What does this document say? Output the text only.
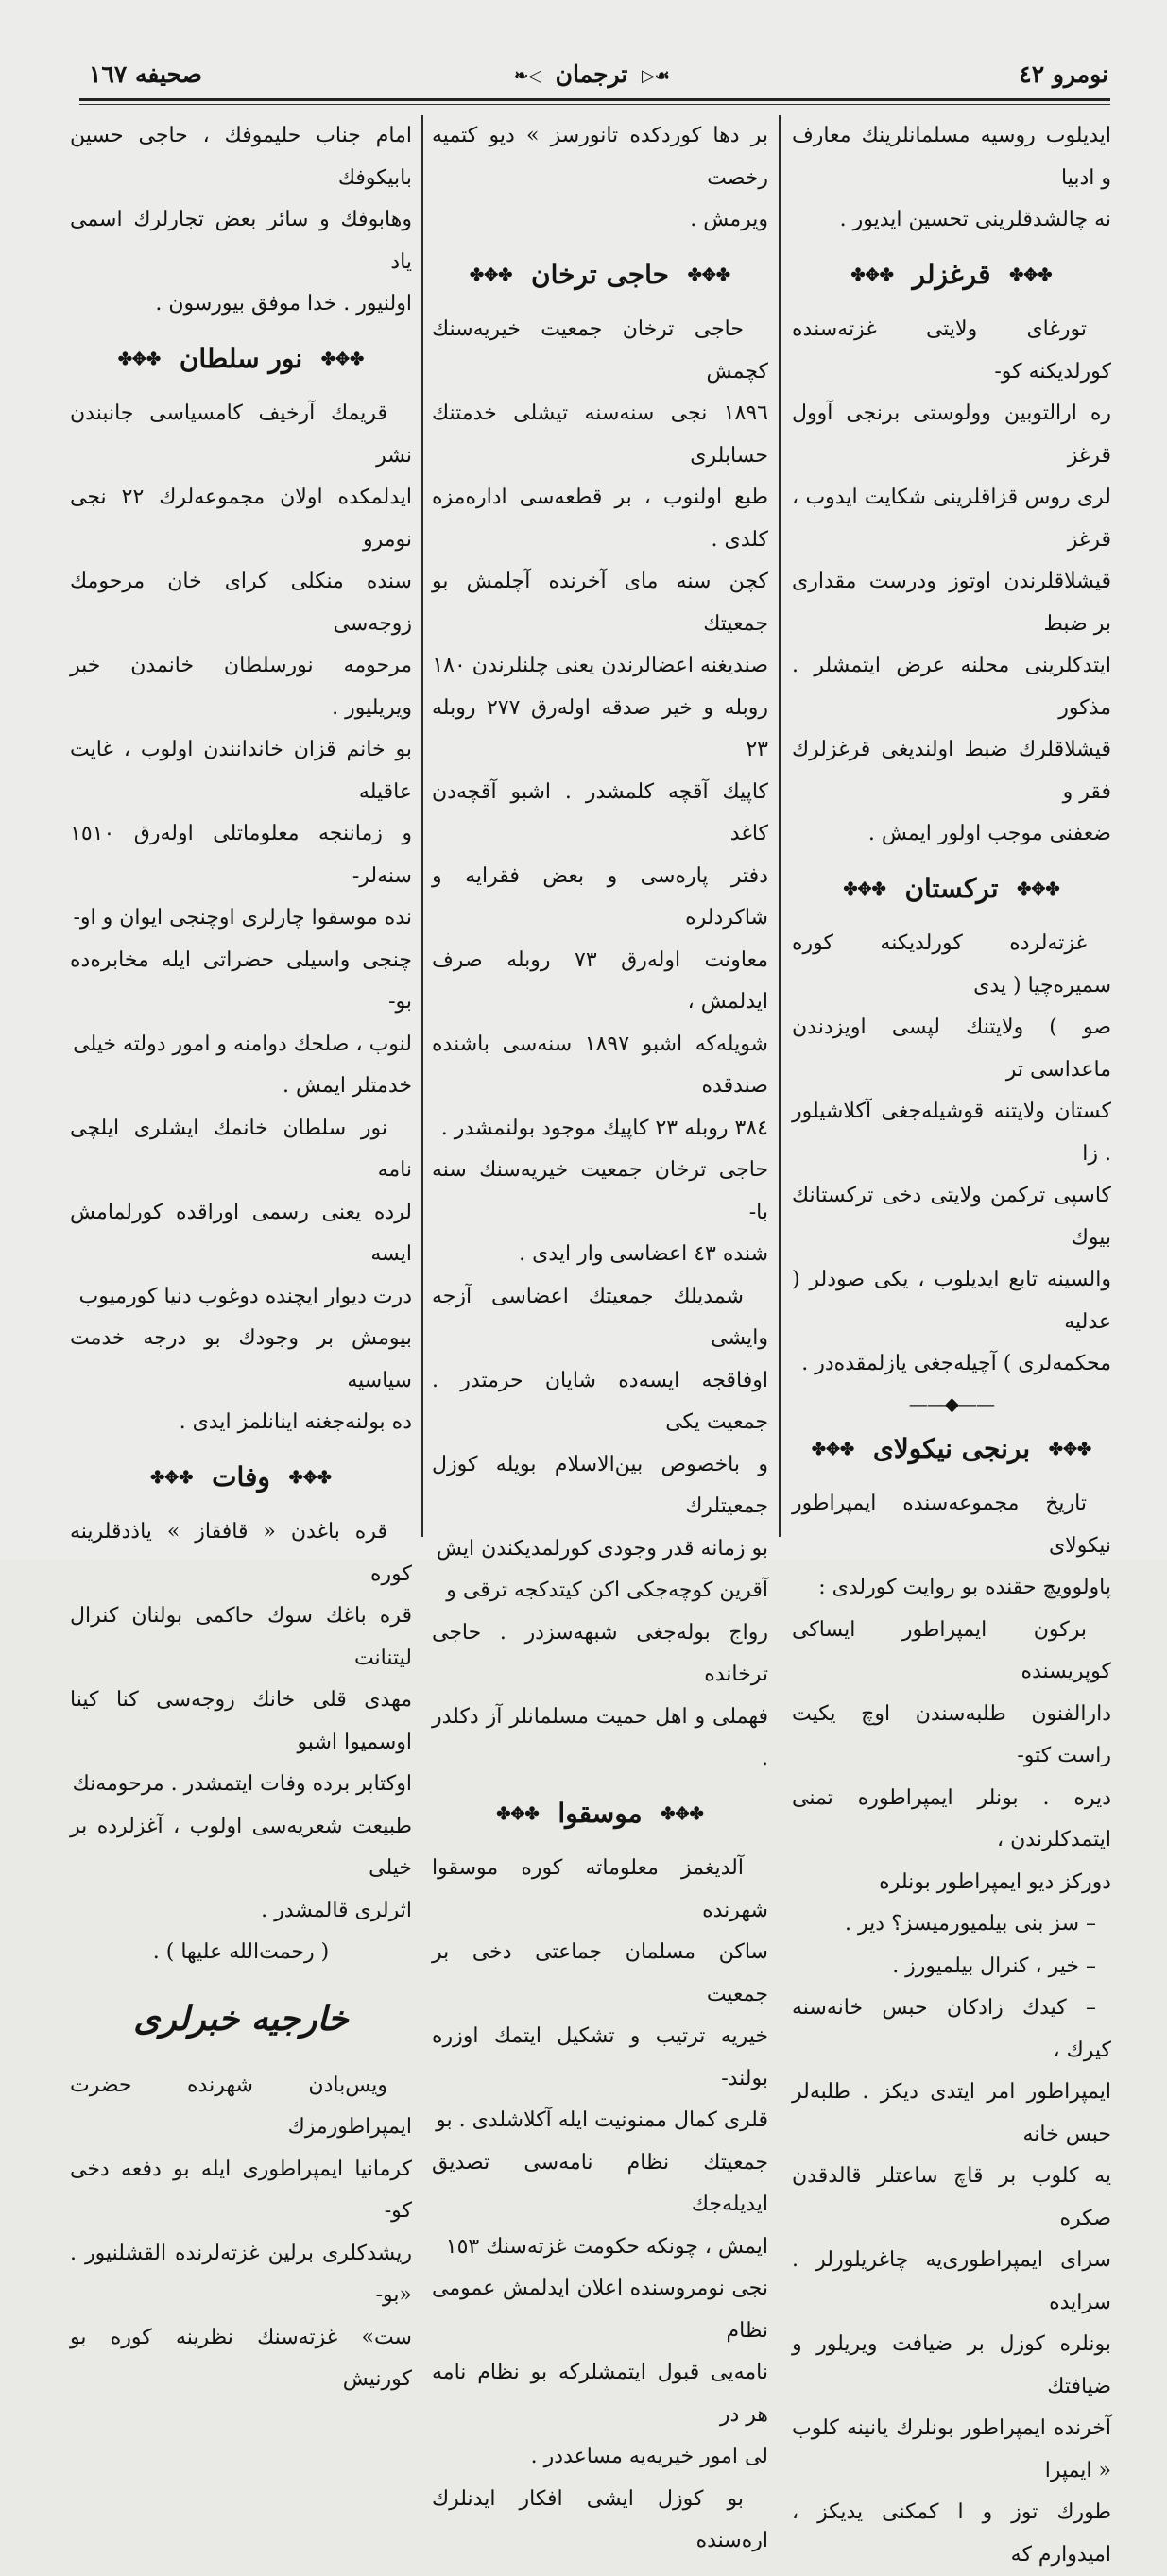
نومرو ٤٢
☙▷ ترجمان ◁❧
صحيفه ١٦٧

ايديلوب روسيه مسلمانلرينك معارف و ادبيا

نه چالشدقلرينى تحسين ايديور .

✤✥✤ قرغزلر ✤✥✤

تورغاى ولايتى غزته‌سنده كورلديكنه كو-

ره ارالتوبين وولوستى برنجى آوول قرغز

لرى روس قزاقلرينى شكايت ايدوب ، قرغز

قيشلاقلرندن اوتوز ودرست مقدارى بر ضبط

ايتدكلرينى محلنه عرض ايتمشلر . مذكور

قيشلاقلرك ضبط اولنديغى قرغزلرك فقر و

ضعفنى موجب اولور ايمش .

✤✥✤ تركستان ✤✥✤

غزته‌لرده كورلديكنه كوره سميره‌چيا ( يدى

صو ) ولايتنك لپسى اويزدندن ماعداسى تر

كستان ولايتنه قوشيله‌جغى آكلاشيلور . زا

كاسپى تركمن ولايتى دخى تركستانك بيوك

والسينه تابع ايديلوب ، يكى صودلر ( عدليه

محكمه‌لرى ) آچيله‌جغى يازلمقده‌در .

——◆——
✤✥✤ برنجى نيكولاى ✤✥✤

تاريخ مجموعه‌سنده ايمپراطور نيكولاى

پاولوويچ حقنده بو روايت كورلدى :

بركون ايمپراطور ايساكى كوپريسنده

دارالفنون طلبه‌سندن اوچ يكيت راست كتو-

ديره . بونلر ايمپراطوره تمنى ايتمدكلرندن ،

دوركز ديو ايمپراطور بونلره

– سز بنى بيلميورميسز؟ دير .

– خير ، كنرال بيلميورز .

– كيدك زادكان حبس خانه‌سنه كيرك ،

ايمپراطور امر ايتدى ديكز . طلبه‌لر حبس خانه

يه كلوب بر قاچ ساعتلر قالدقدن صكره

سراى ايمپراطورى‌يه چاغريلورلر . سرايده

بونلره كوزل بر ضيافت ويريلور و ضيافتك

آخرنده ايمپراطور بونلرك يانينه كلوب « ايمپرا

طورك توز و ا كمكنى يديكز ، اميدوارم كه

بر دها كوردكده تانورسز » ديو كتميه رخصت

ويرمش .

✤✥✤ حاجى ترخان ✤✥✤

حاجى ترخان جمعيت خيريه‌سنك كچمش

١٨٩٦ نجى سنه‌سنه تيشلى خدمتنك حسابلرى

طبع اولنوب ، بر قطعه‌سى اداره‌مزه كلدى .

كچن سنه ماى آخرنده آچلمش بو جمعيتك

صندیغنه اعضالرندن يعنى چلنلرندن ١٨٠

روبله و خير صدقه اوله‌رق ٢٧٧ روبله ٢٣

كاپيك آقچه كلمشدر . اشبو آقچه‌دن كاغد

دفتر پاره‌سى و بعض فقرايه و شاكردلره

معاونت اوله‌رق ٧٣ روبله صرف ايدلمش ،

شويله‌كه اشبو ١٨٩٧ سنه‌سى باشنده صندقده

٣٨٤ روبله ٢٣ كاپيك موجود بولنمشدر .

حاجى ترخان جمعيت خيريه‌سنك سنه با-

شنده ٤٣ اعضاسى وار ايدى .

شمديلك جمعيتك اعضاسى آزجه وايشى

اوفاقجه ايسه‌ده شايان حرمتدر . جمعيت يكى

و باخصوص بين‌الاسلام بويله كوزل جمعيتلرك

بو زمانه قدر وجودى كورلمديكندن ايش

آقرين كوچه‌جكى اكن كيتدكجه ترقى و

رواج بوله‌جغى شبهه‌سزدر . حاجى ترخانده

فهملى و اهل حميت مسلمانلر آز دكلدر .

✤✥✤ موسقوا ✤✥✤

آلديغمز معلوماته كوره موسقوا شهرنده

ساكن مسلمان جماعتى دخى بر جمعيت

خيريه ترتيب و تشكيل ايتمك اوزره بولند-

قلرى كمال ممنونيت ايله آكلاشلدى . بو

جمعيتك نظام نامه‌سى تصديق ايديله‌جك

ايمش ، چونكه حكومت غزته‌سنك ١٥٣

نجى نومروسنده اعلان ايدلمش عمومى نظام

نامه‌يى قبول ايتمشلركه بو نظام نامه هر در

لى امور خيريه‌يه مساعددر .

بو كوزل ايشى افكار ايدنلرك اره‌سنده

امام جناب حليموفك ، حاجى حسين بابيكوفك

وهابوفك و سائر بعض تجارلرك اسمى ياد

اولنيور . خدا موفق بيورسون .

✤✥✤ نور سلطان ✤✥✤

قريمك آرخيف كامسياسى جانبندن نشر

ايدلمكده اولان مجموعه‌لرك ٢٢ نجى نومرو

سنده منكلى كراى خان مرحومك زوجه‌سى

مرحومه نورسلطان خانمدن خبر ويريليور .

بو خانم قزان خاندانندن اولوب ، غايت عاقيله

و زماننجه معلوماتلى اوله‌رق ١٥١٠ سنه‌لر-

نده موسقوا چارلرى اوچنجى ايوان و او-

چنجى واسيلى حضراتى ايله مخابره‌ده بو-

لنوب ، صلحك دوامنه و امور دولته خيلى

خدمتلر ايمش .

نور سلطان خانمك ايشلرى ايلچى نامه

لرده يعنى رسمى اوراقده كورلمامش ايسه

درت ديوار ايچنده دوغوب دنيا كورميوب

بيومش بر وجودك بو درجه خدمت سياسيه

ده بولنه‌جغنه اينانلمز ايدى .

✤✥✤ وفات ✤✥✤

قره باغدن « قافقاز » ياذدقلرينه كوره

قره باغك سوك حاكمى بولنان كنرال ليتنانت

مهدى قلى خانك زوجه‌سى كنا كينا اوسميوا اشبو

اوكتابر برده وفات ايتمشدر . مرحومه‌نك

طبيعت شعريه‌سى اولوب ، آغزلرده بر خيلى

اثرلرى قالمشدر .

( رحمت‌الله عليها ) .

خارجيه خبرلرى

ويس‌بادن شهرنده حضرت ايمپراطورمزك

كرمانيا ايمپراطورى ايله بو دفعه دخى كو-

ريشدكلرى برلين غزته‌لرنده القشلنيور . «بو-

ست» غزته‌سنك نظرينه كوره بو كورنيش
